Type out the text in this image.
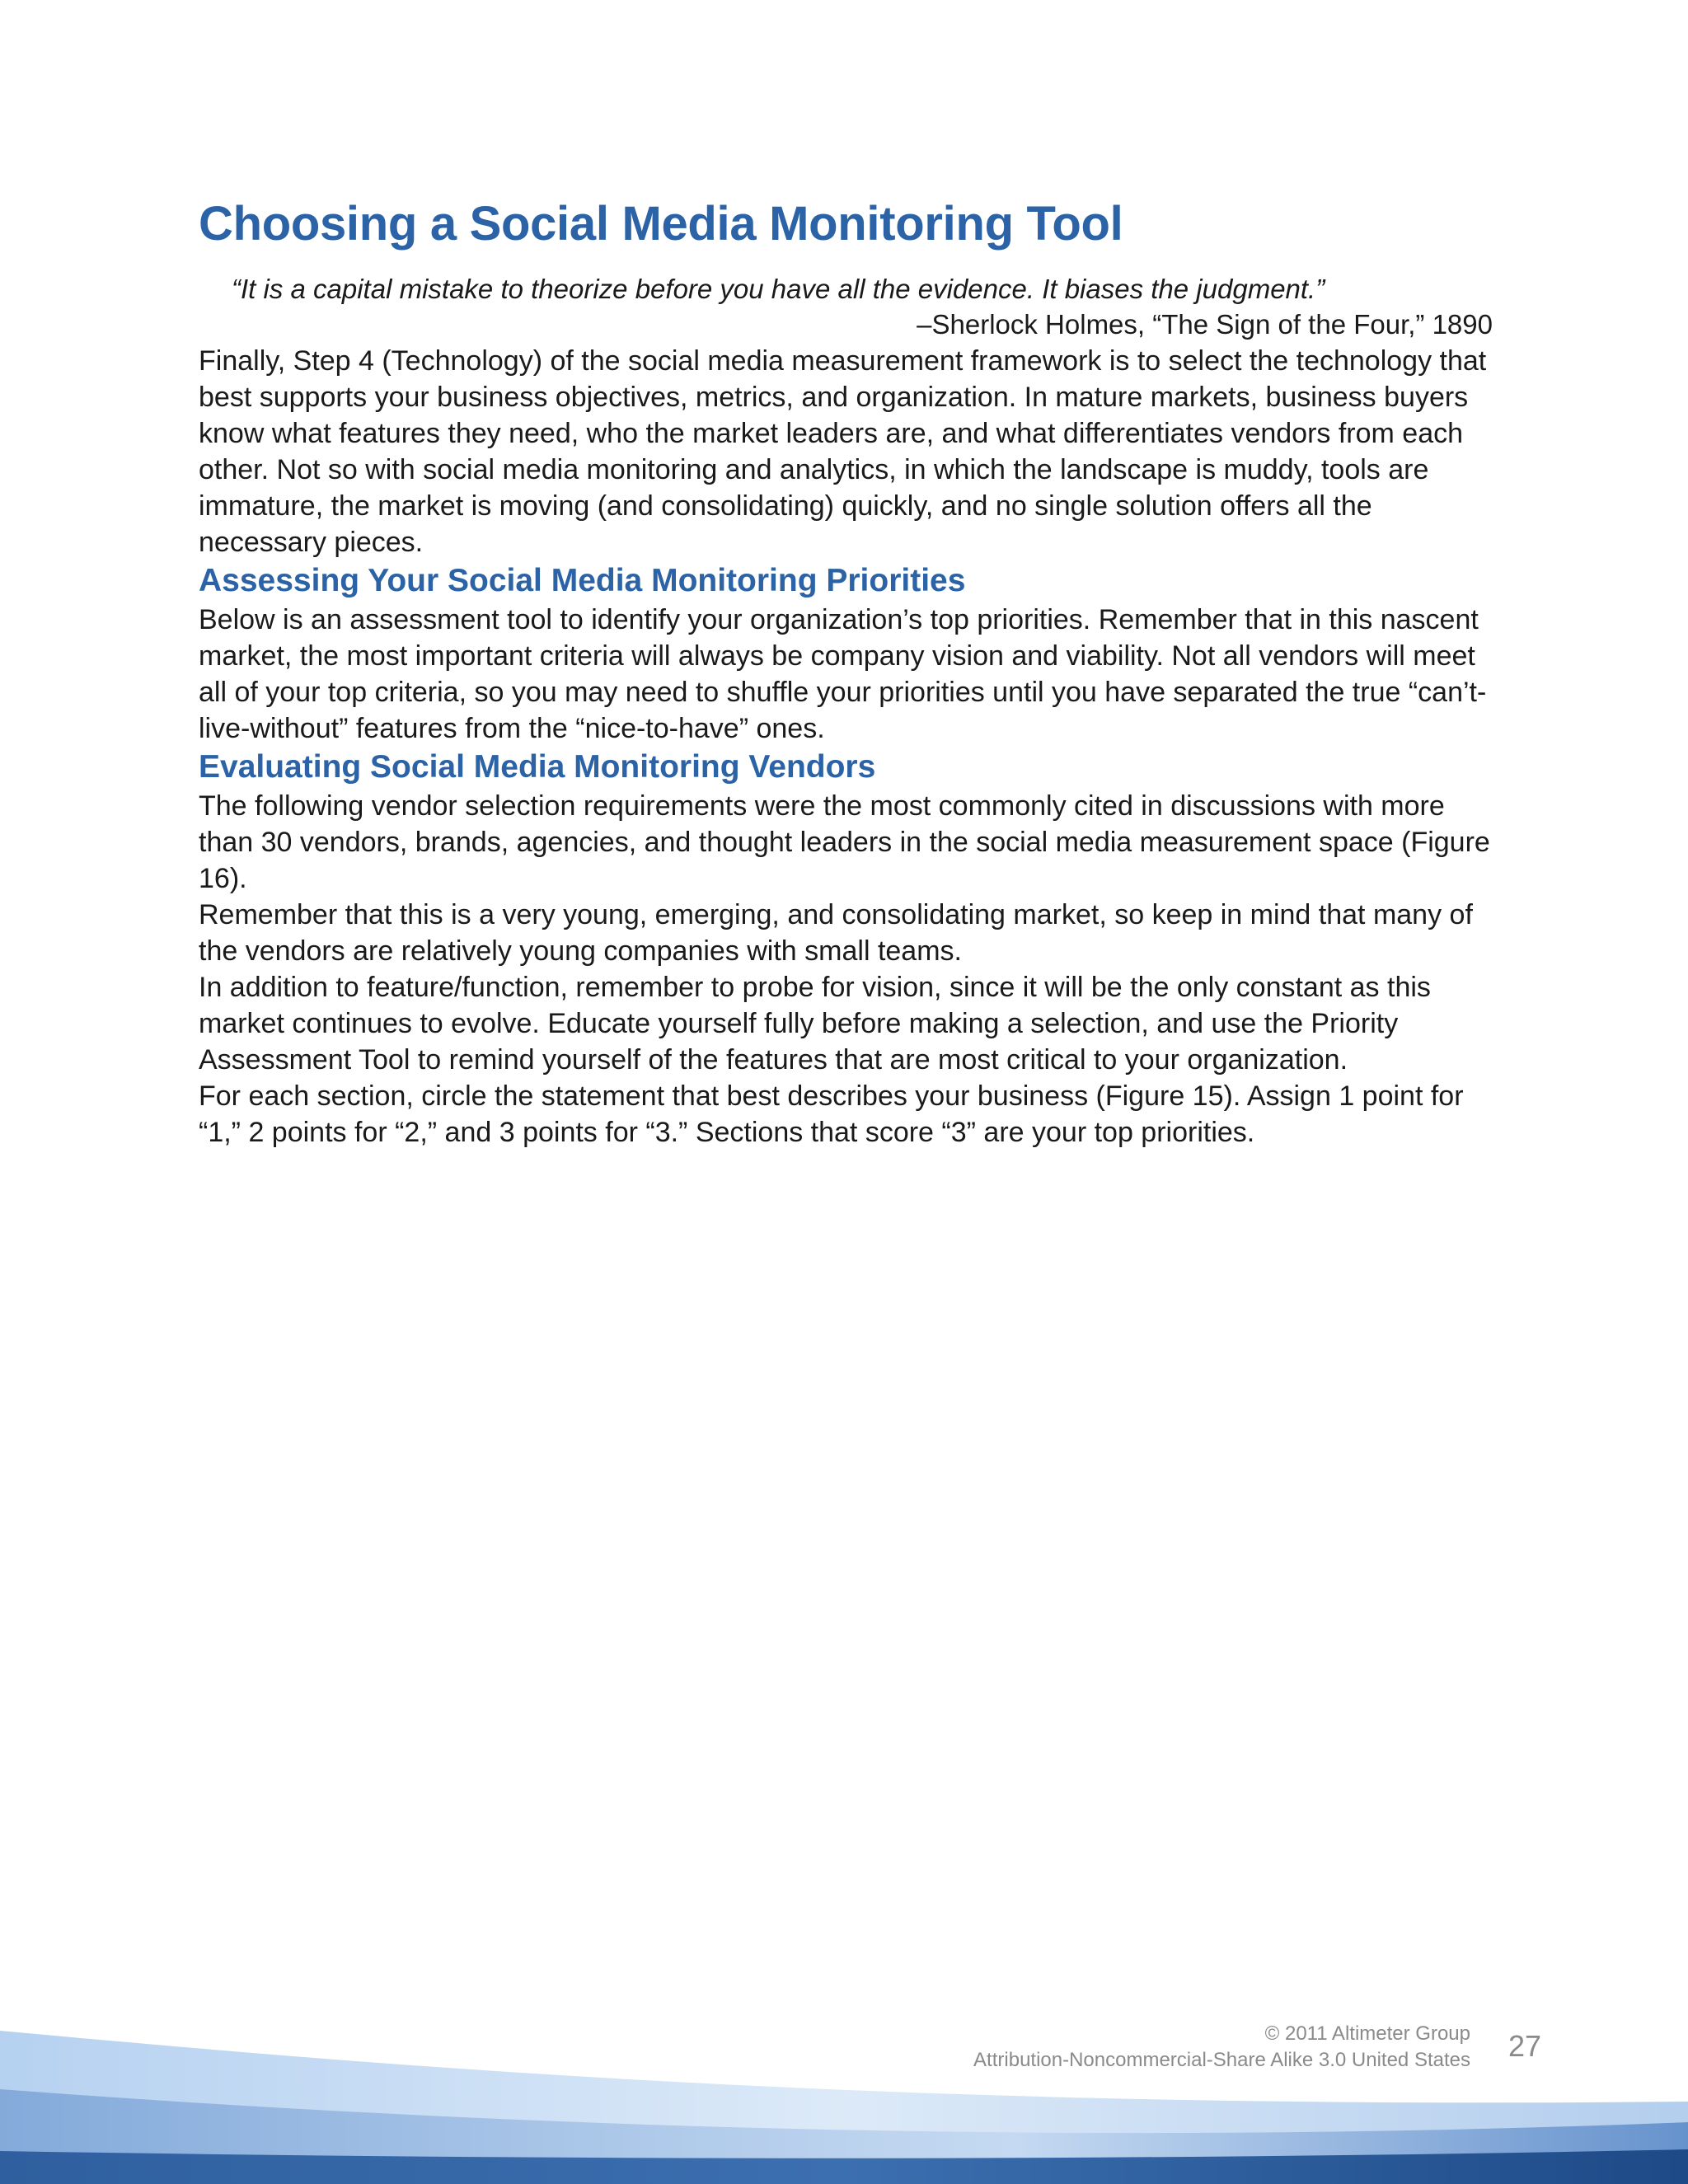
Choosing a Social Media Monitoring Tool
“It is a capital mistake to theorize before you have all the evidence. It biases the judgment.”
–Sherlock Holmes, “The Sign of the Four,” 1890

Finally, Step 4 (Technology) of the social media measurement framework is to select the technology that best supports your business objectives, metrics, and organization. In mature markets, business buyers know what features they need, who the market leaders are, and what differentiates vendors from each other. Not so with social media monitoring and analytics, in which the landscape is muddy, tools are immature, the market is moving (and consolidating) quickly, and no single solution offers all the necessary pieces.

Assessing Your Social Media Monitoring Priorities

Below is an assessment tool to identify your organization’s top priorities. Remember that in this nascent market, the most important criteria will always be company vision and viability. Not all vendors will meet all of your top criteria, so you may need to shuffle your priorities until you have separated the true “can’t-live-without” features from the “nice-to-have” ones.

Evaluating Social Media Monitoring Vendors

The following vendor selection requirements were the most commonly cited in discussions with more than 30 vendors, brands, agencies, and thought leaders in the social media measurement space (Figure 16).

Remember that this is a very young, emerging, and consolidating market, so keep in mind that many of the vendors are relatively young companies with small teams.

In addition to feature/function, remember to probe for vision, since it will be the only constant as this market continues to evolve. Educate yourself fully before making a selection, and use the Priority Assessment Tool to remind yourself of the features that are most critical to your organization.

For each section, circle the statement that best describes your business (Figure 15). Assign 1 point for “1,” 2 points for “2,” and 3 points for “3.” Sections that score “3” are your top priorities.

© 2011 Altimeter Group
Attribution-Noncommercial-Share Alike 3.0 United States 27
